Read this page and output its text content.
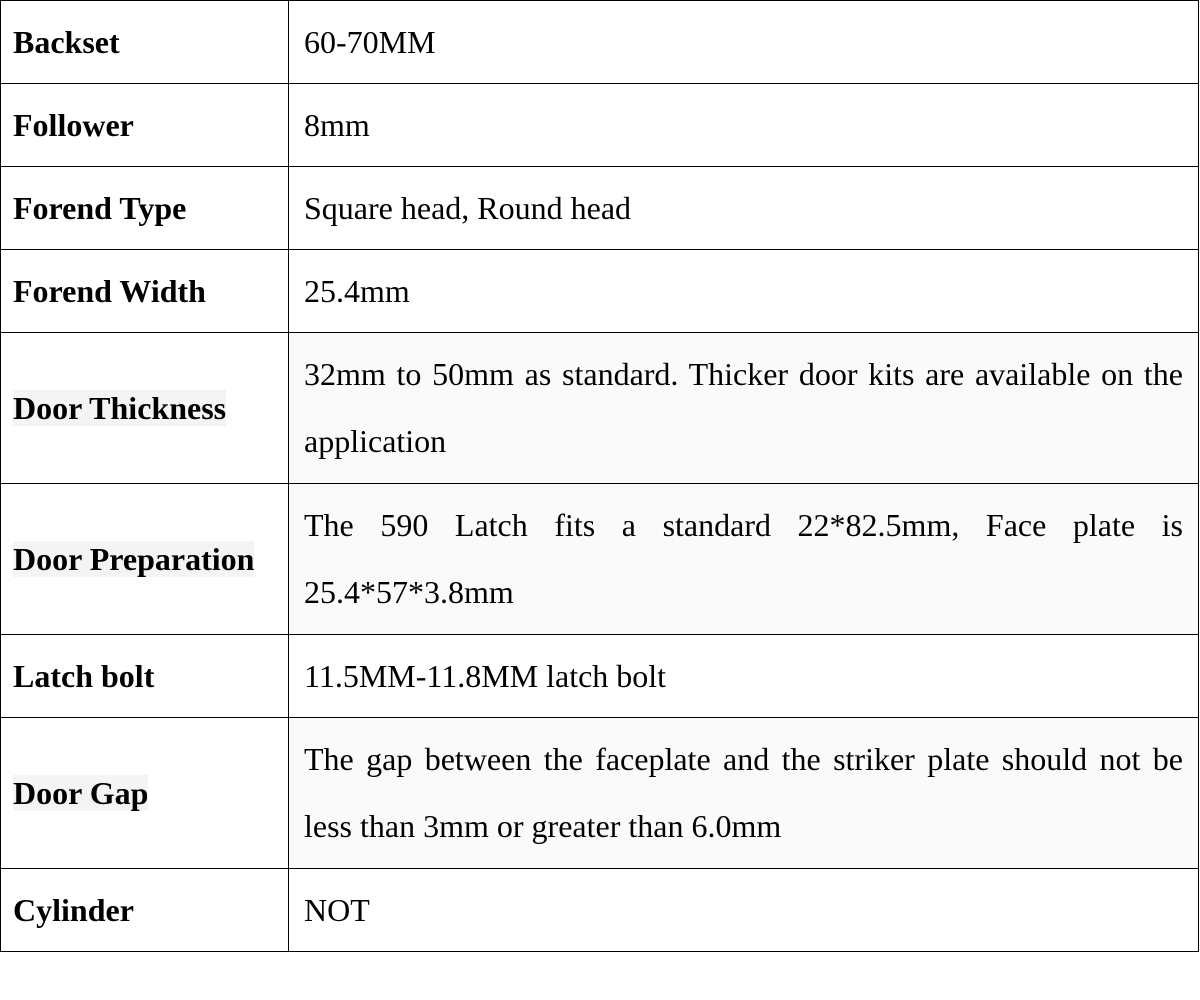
Backset	60-70MM
Follower	8mm
Forend Type	Square head, Round head
Forend Width	25.4mm
Door Thickness	32mm to 50mm as standard. Thicker door kits are available on the application
Door Preparation	The 590 Latch fits a standard 22*82.5mm, Face plate is 25.4*57*3.8mm
Latch bolt	11.5MM-11.8MM latch bolt
Door Gap	The gap between the faceplate and the striker plate should not be less than 3mm or greater than 6.0mm
Cylinder	NOT
